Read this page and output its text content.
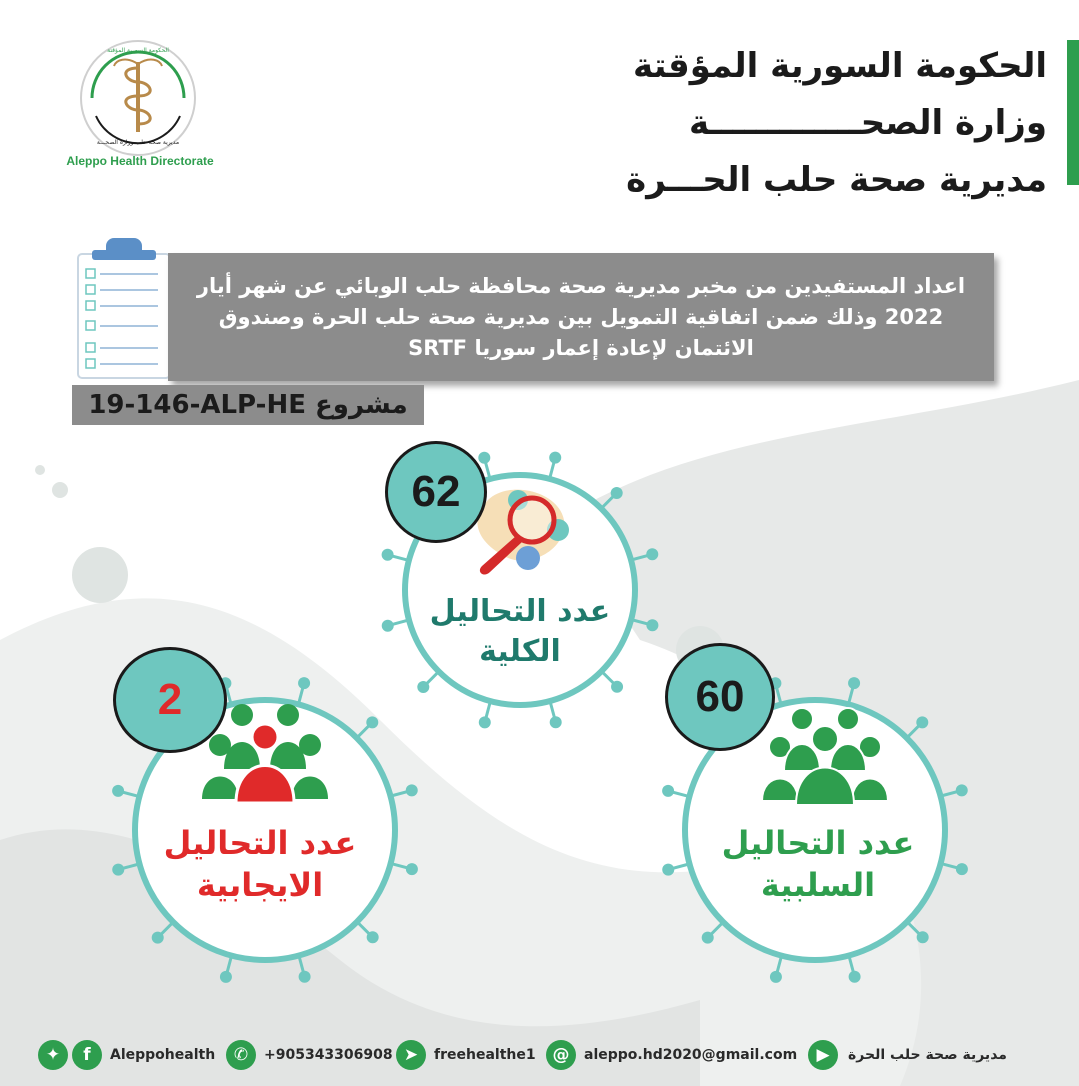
الحكومة السورية المؤقتة
وزارة الصحـــــــــــــة
مديرية صحة حلب الحـــرة
الحكومة السورية المؤقتة
مديرية صحة حلب وزارة الصحـــة
Aleppo Health Directorate
اعداد المستفيدين من مخبر مديرية صحة محافظة حلب الوبائي عن شهر أيار 2022 وذلك ضمن اتفاقية التمويل بين مديرية صحة حلب الحرة وصندوق الائتمان لإعادة إعمار سوريا SRTF
19-146-ALP-HE مشروع
62
عدد التحاليل
الكلية
2
عدد التحاليل
الايجابية
60
عدد التحاليل
السلبية
✦	f	Aleppohealth	✆	+905343306908 ➤	freehealthe1 @	aleppo.hd2020@gmail.com	▶	مديرية صحة حلب الحرة
